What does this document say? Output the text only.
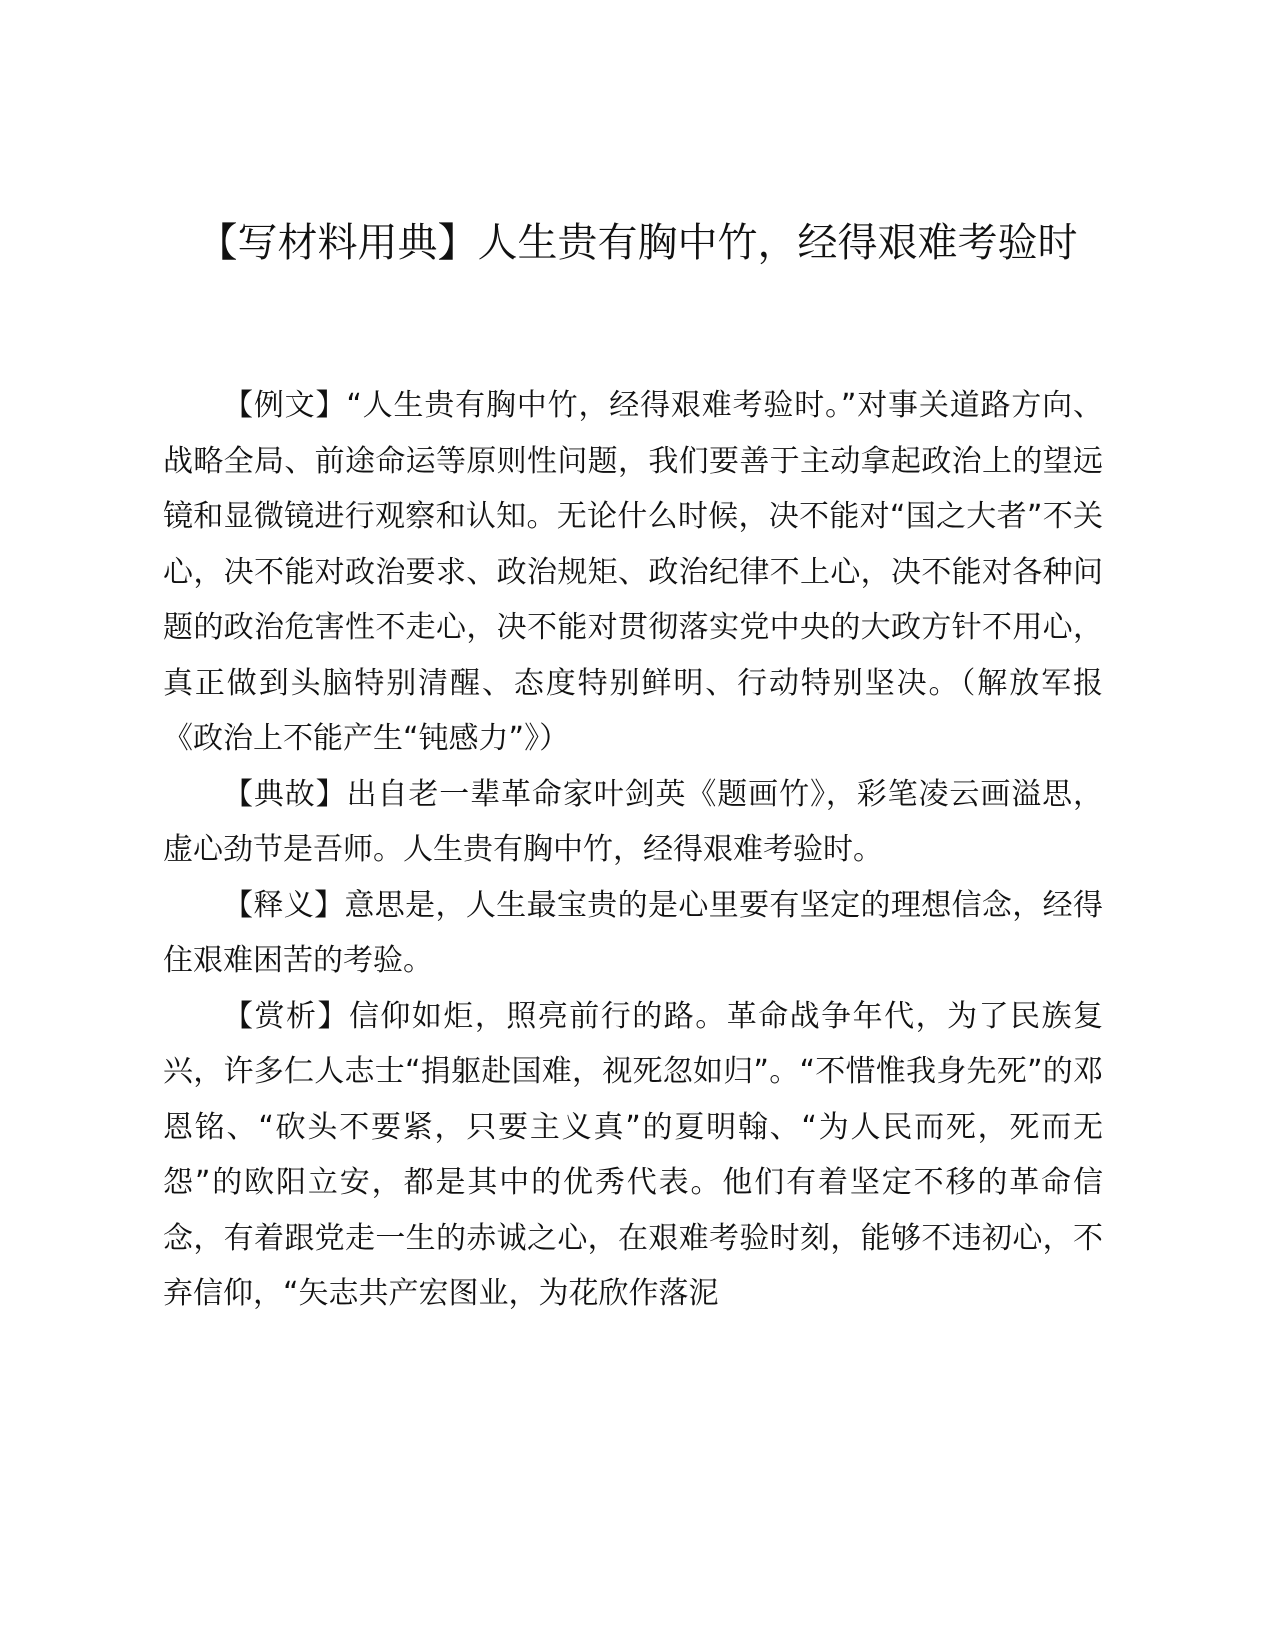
【写材料用典】人生贵有胸中竹，经得艰难考验时

【例文】“人生贵有胸中竹，经得艰难考验时。”对事关道路方向、战略全局、前途命运等原则性问题，我们要善于主动拿起政治上的望远镜和显微镜进行观察和认知。无论什么时候，决不能对“国之大者”不关心，决不能对政治要求、政治规矩、政治纪律不上心，决不能对各种问题的政治危害性不走心，决不能对贯彻落实党中央的大政方针不用心，真正做到头脑特别清醒、态度特别鲜明、行动特别坚决。（解放军报《政治上不能产生“钝感力”》）

【典故】出自老一辈革命家叶剑英《题画竹》，彩笔凌云画溢思，虚心劲节是吾师。人生贵有胸中竹，经得艰难考验时。

【释义】意思是，人生最宝贵的是心里要有坚定的理想信念，经得住艰难困苦的考验。

【赏析】信仰如炬，照亮前行的路。革命战争年代，为了民族复兴，许多仁人志士“捐躯赴国难，视死忽如归”。“不惜惟我身先死”的邓恩铭、“砍头不要紧，只要主义真”的夏明翰、“为人民而死，死而无怨”的欧阳立安，都是其中的优秀代表。他们有着坚定不移的革命信念，有着跟党走一生的赤诚之心，在艰难考验时刻，能够不违初心，不弃信仰，“矢志共产宏图业，为花欣作落泥
